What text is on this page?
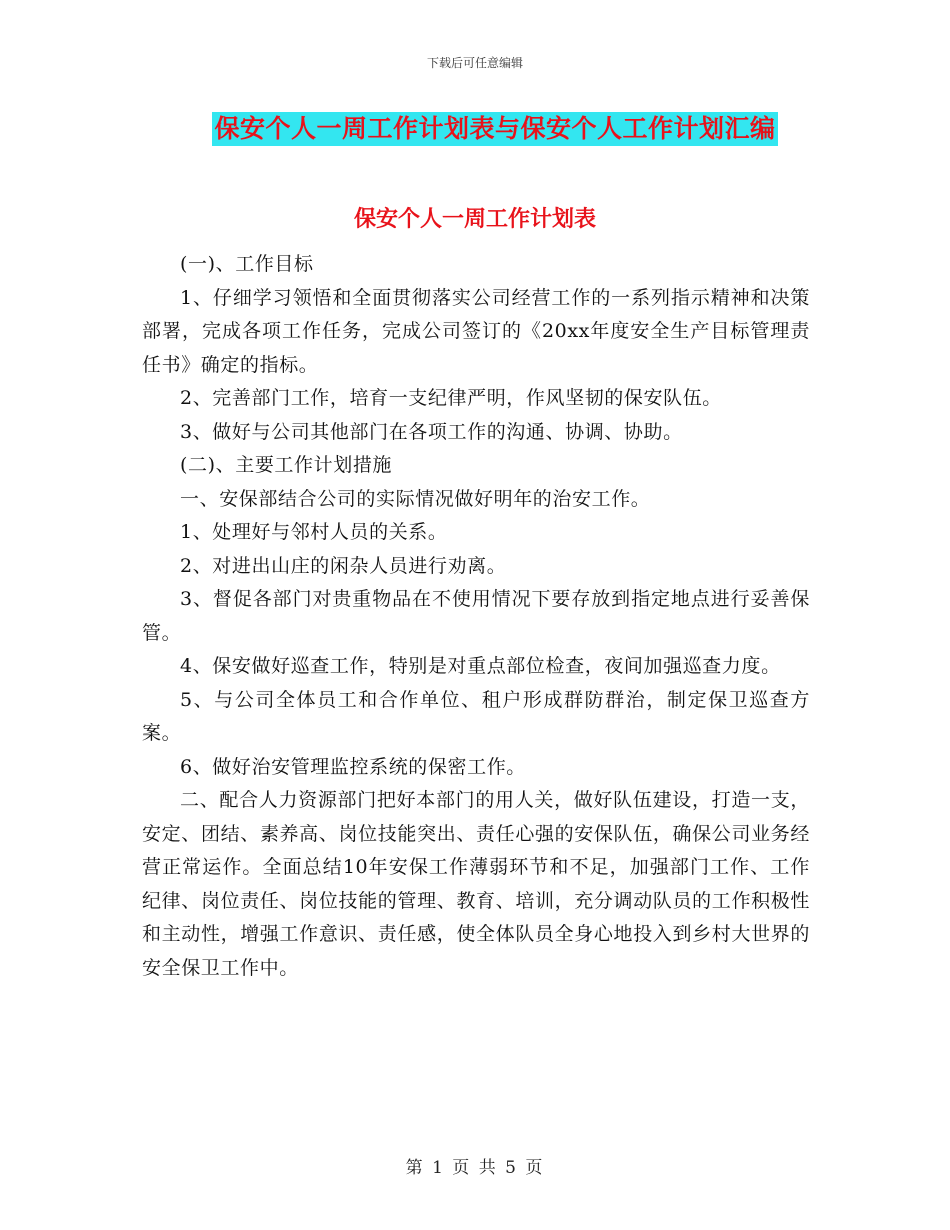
下载后可任意编辑
保安个人一周工作计划表与保安个人工作计划汇编
保安个人一周工作计划表

(一)、工作目标

1、仔细学习领悟和全面贯彻落实公司经营工作的一系列指示精神和决策部署，完成各项工作任务，完成公司签订的《20xx年度安全生产目标管理责任书》确定的指标。

2、完善部门工作，培育一支纪律严明，作风坚韧的保安队伍。

3、做好与公司其他部门在各项工作的沟通、协调、协助。

(二)、主要工作计划措施

一、安保部结合公司的实际情况做好明年的治安工作。

1、处理好与邻村人员的关系。

2、对进出山庄的闲杂人员进行劝离。

3、督促各部门对贵重物品在不使用情况下要存放到指定地点进行妥善保管。

4、保安做好巡查工作，特别是对重点部位检查，夜间加强巡查力度。

5、与公司全体员工和合作单位、租户形成群防群治，制定保卫巡查方案。

6、做好治安管理监控系统的保密工作。

二、配合人力资源部门把好本部门的用人关，做好队伍建设，打造一支，安定、团结、素养高、岗位技能突出、责任心强的安保队伍，确保公司业务经营正常运作。全面总结10年安保工作薄弱环节和不足，加强部门工作、工作纪律、岗位责任、岗位技能的管理、教育、培训，充分调动队员的工作积极性和主动性，增强工作意识、责任感，使全体队员全身心地投入到乡村大世界的安全保卫工作中。

第 1 页 共 5 页
